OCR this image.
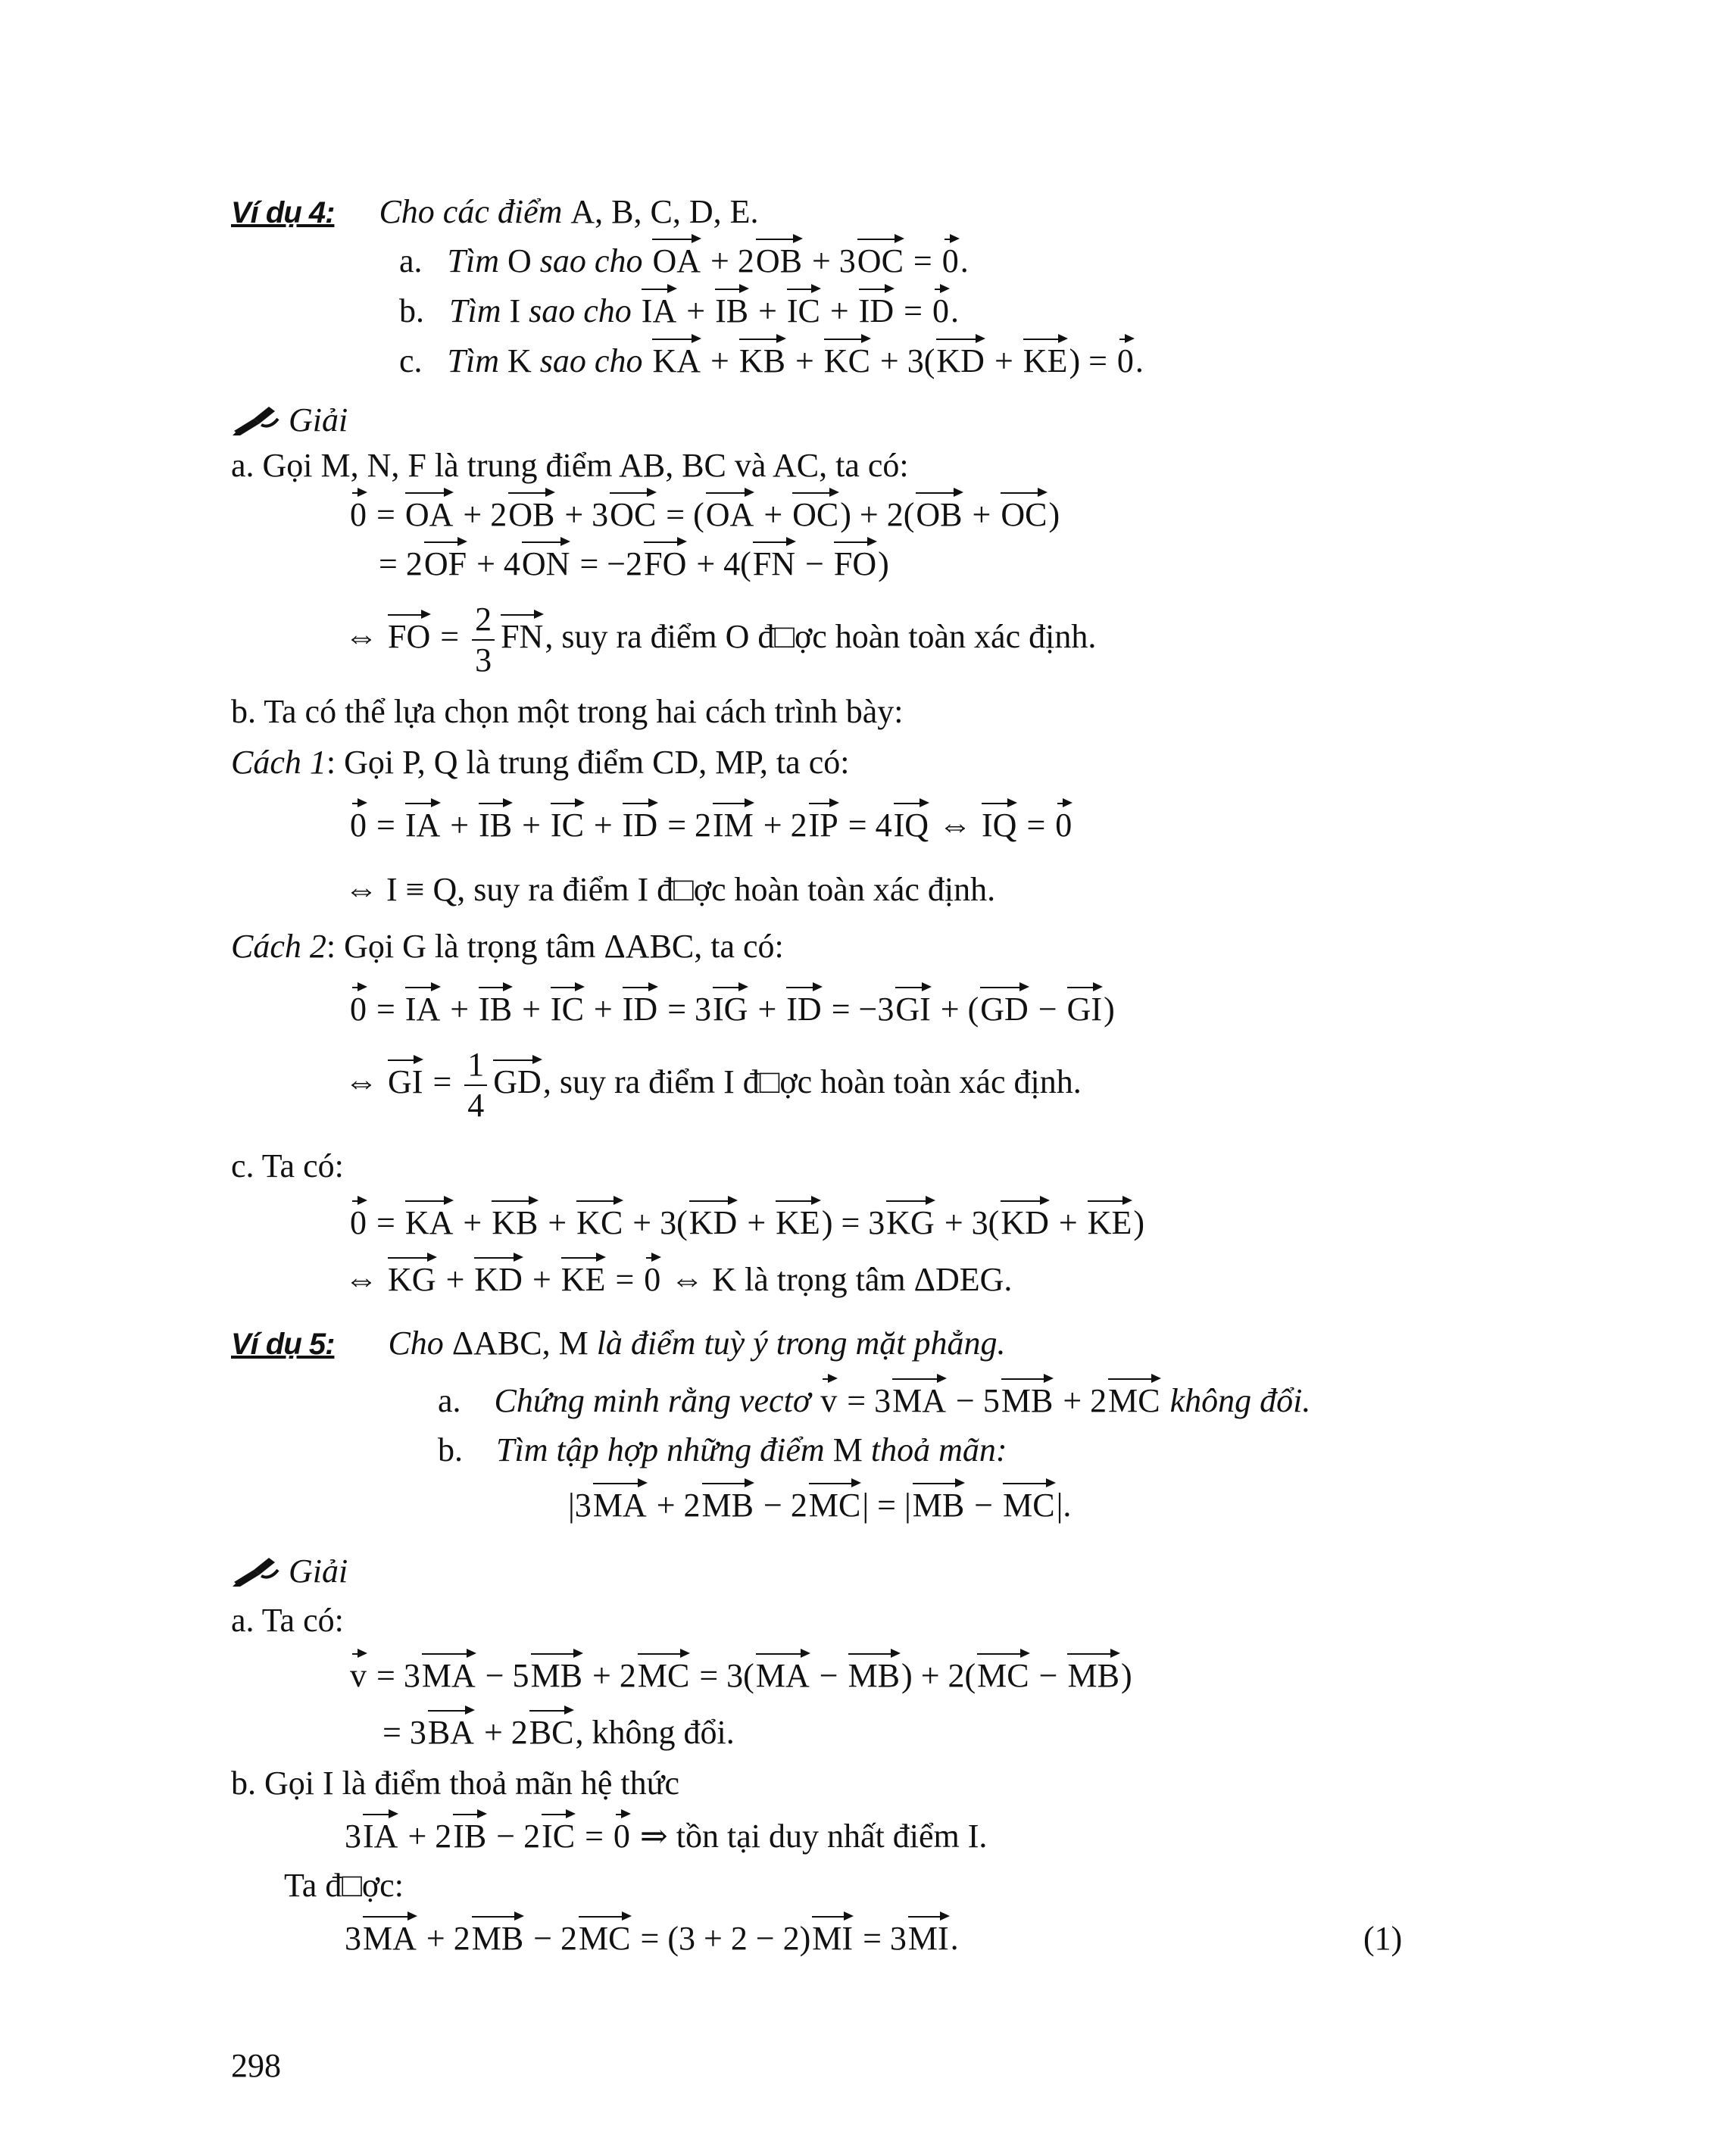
Ví dụ 4: Cho các điểm A, B, C, D, E.
a.   Tìm O sao cho OA + 2OB + 3OC = 0.
b.   Tìm I sao cho IA + IB + IC + ID = 0.
c.   Tìm K sao cho KA + KB + KC + 3(KD + KE) = 0.
Giải
a. Gọi M, N, F là trung điểm AB, BC và AC, ta có:
0 = OA + 2OB + 3OC = (OA + OC) + 2(OB + OC)
= 2OF + 4ON = −2FO + 4(FN − FO)
⇔ FO = $\frac{2}{3}$ FN, suy ra điểm O đ□ợc hoàn toàn xác định.
b. Ta có thể lựa chọn một trong hai cách trình bày:
Cách 1: Gọi P, Q là trung điểm CD, MP, ta có:
0 = IA + IB + IC + ID = 2IM + 2IP = 4IQ ⇔ IQ = 0
⇔ I ≡ Q, suy ra điểm I đ□ợc hoàn toàn xác định.
Cách 2: Gọi G là trọng tâm ΔABC, ta có:
0 = IA + IB + IC + ID = 3IG + ID = −3GI + (GD − GI)
⇔ GI = $\frac{1}{4}$ GD, suy ra điểm I đ□ợc hoàn toàn xác định.
c. Ta có:
0 = KA + KB + KC + 3(KD + KE) = 3KG + 3(KD + KE)
⇔ KG + KD + KE = 0 ⇔ K là trọng tâm ΔDEG.
Ví dụ 5: Cho ΔABC, M là điểm tuỳ ý trong mặt phẳng.
a.    Chứng minh rằng vectơ v = 3MA − 5MB + 2MC không đổi.
b.    Tìm tập hợp những điểm M thoả mãn:
|3MA + 2MB − 2MC| = |MB − MC|.
Giải
a. Ta có:
v = 3MA − 5MB + 2MC = 3(MA − MB) + 2(MC − MB)
= 3BA + 2BC, không đổi.
b. Gọi I là điểm thoả mãn hệ thức
3IA + 2IB − 2IC = 0 ⇒ tồn tại duy nhất điểm I.
Ta đ□ợc:
3MA + 2MB − 2MC = (3 + 2 − 2)MI = 3MI.	(1)
298
